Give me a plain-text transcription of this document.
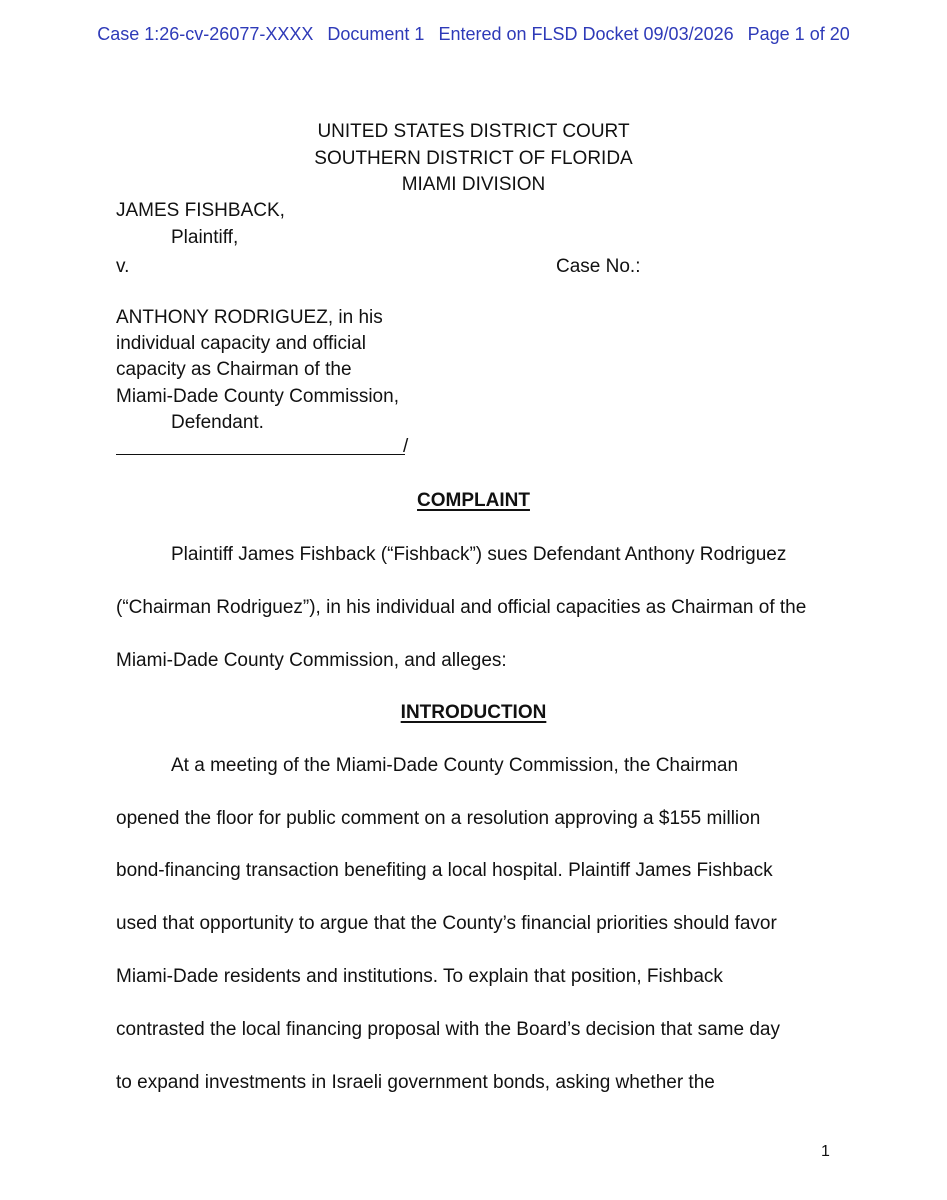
Case 1:26-cv-26077-XXXX Document 1 Entered on FLSD Docket 09/03/2026 Page 1 of 20
UNITED STATES DISTRICT COURT
SOUTHERN DISTRICT OF FLORIDA
MIAMI DIVISION
JAMES FISHBACK,
Plaintiff,
v.	Case No.:
ANTHONY RODRIGUEZ, in his
individual capacity and official
capacity as Chairman of the
Miami-Dade County Commission,
Defendant.
/
COMPLAINT
Plaintiff James Fishback (“Fishback”) sues Defendant Anthony Rodriguez
(“Chairman Rodriguez”), in his individual and official capacities as Chairman of the
Miami-Dade County Commission, and alleges:
INTRODUCTION
At a meeting of the Miami-Dade County Commission, the Chairman
opened the floor for public comment on a resolution approving a $155 million
bond-financing transaction benefiting a local hospital. Plaintiff James Fishback
used that opportunity to argue that the County’s financial priorities should favor
Miami-Dade residents and institutions. To explain that position, Fishback
contrasted the local financing proposal with the Board’s decision that same day
to expand investments in Israeli government bonds, asking whether the
1
